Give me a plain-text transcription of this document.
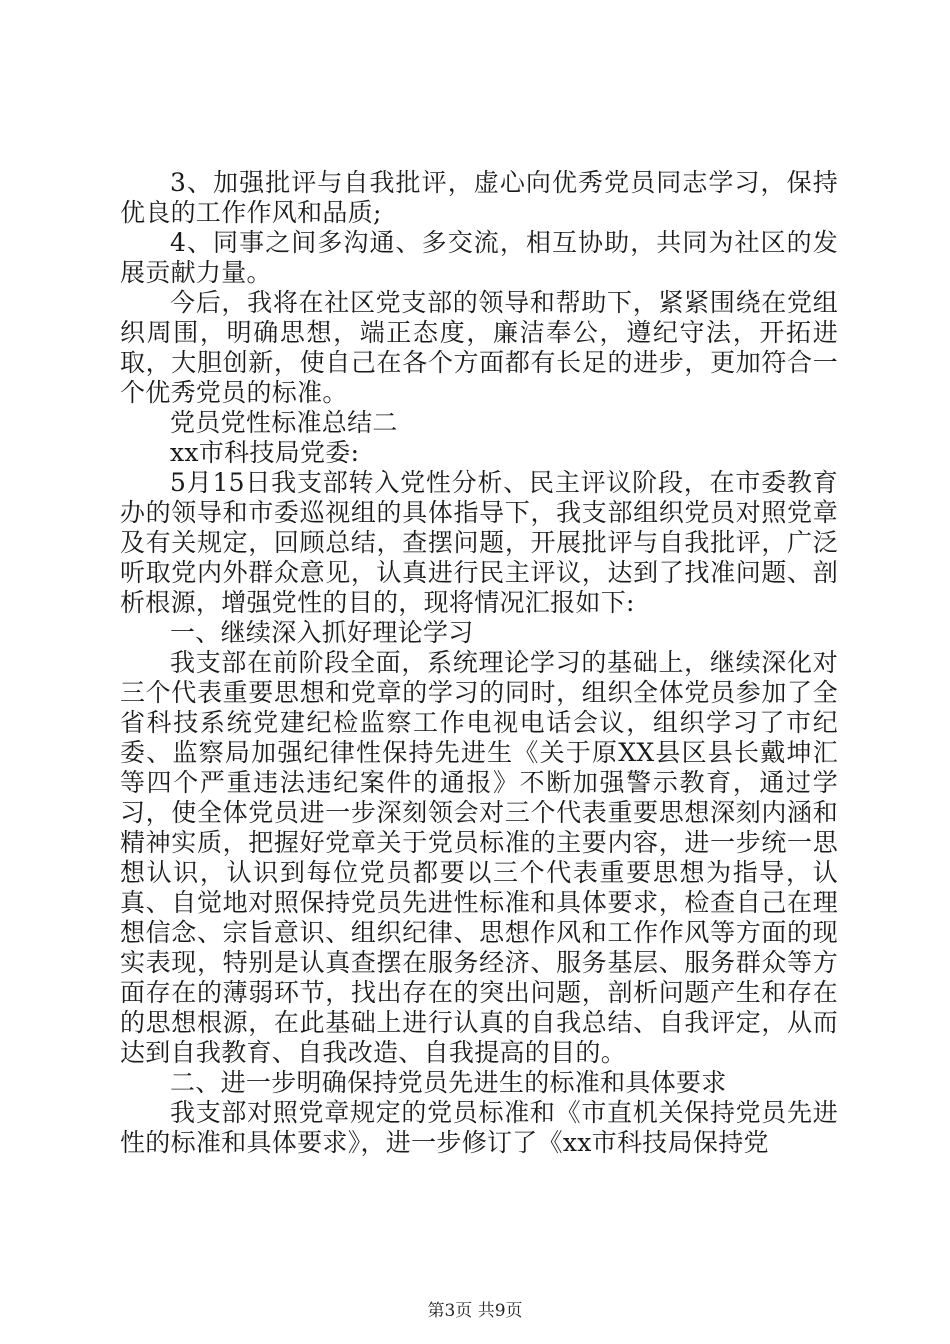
3、加强批评与自我批评，虚心向优秀党员同志学习，保持优良的工作作风和品质;

4、同事之间多沟通、多交流，相互协助，共同为社区的发展贡献力量。

今后，我将在社区党支部的领导和帮助下，紧紧围绕在党组织周围，明确思想，端正态度，廉洁奉公，遵纪守法，开拓进取，大胆创新，使自己在各个方面都有长足的进步，更加符合一个优秀党员的标准。

党员党性标准总结二

xx市科技局党委:

5月15日我支部转入党性分析、民主评议阶段，在市委教育办的领导和市委巡视组的具体指导下，我支部组织党员对照党章及有关规定，回顾总结，查摆问题，开展批评与自我批评，广泛听取党内外群众意见，认真进行民主评议，达到了找准问题、剖析根源，增强党性的目的，现将情况汇报如下:

一、继续深入抓好理论学习

我支部在前阶段全面，系统理论学习的基础上，继续深化对三个代表重要思想和党章的学习的同时，组织全体党员参加了全省科技系统党建纪检监察工作电视电话会议，组织学习了市纪委、监察局加强纪律性保持先进生《关于原XX县区县长戴坤汇等四个严重违法违纪案件的通报》不断加强警示教育，通过学习，使全体党员进一步深刻领会对三个代表重要思想深刻内涵和精神实质，把握好党章关于党员标准的主要内容，进一步统一思想认识，认识到每位党员都要以三个代表重要思想为指导，认真、自觉地对照保持党员先进性标准和具体要求，检查自己在理想信念、宗旨意识、组织纪律、思想作风和工作作风等方面的现实表现，特别是认真查摆在服务经济、服务基层、服务群众等方面存在的薄弱环节，找出存在的突出问题，剖析问题产生和存在的思想根源，在此基础上进行认真的自我总结、自我评定，从而达到自我教育、自我改造、自我提高的目的。

二、进一步明确保持党员先进生的标准和具体要求

我支部对照党章规定的党员标准和《市直机关保持党员先进性的标准和具体要求》，进一步修订了《xx市科技局保持党

第3页 共9页
